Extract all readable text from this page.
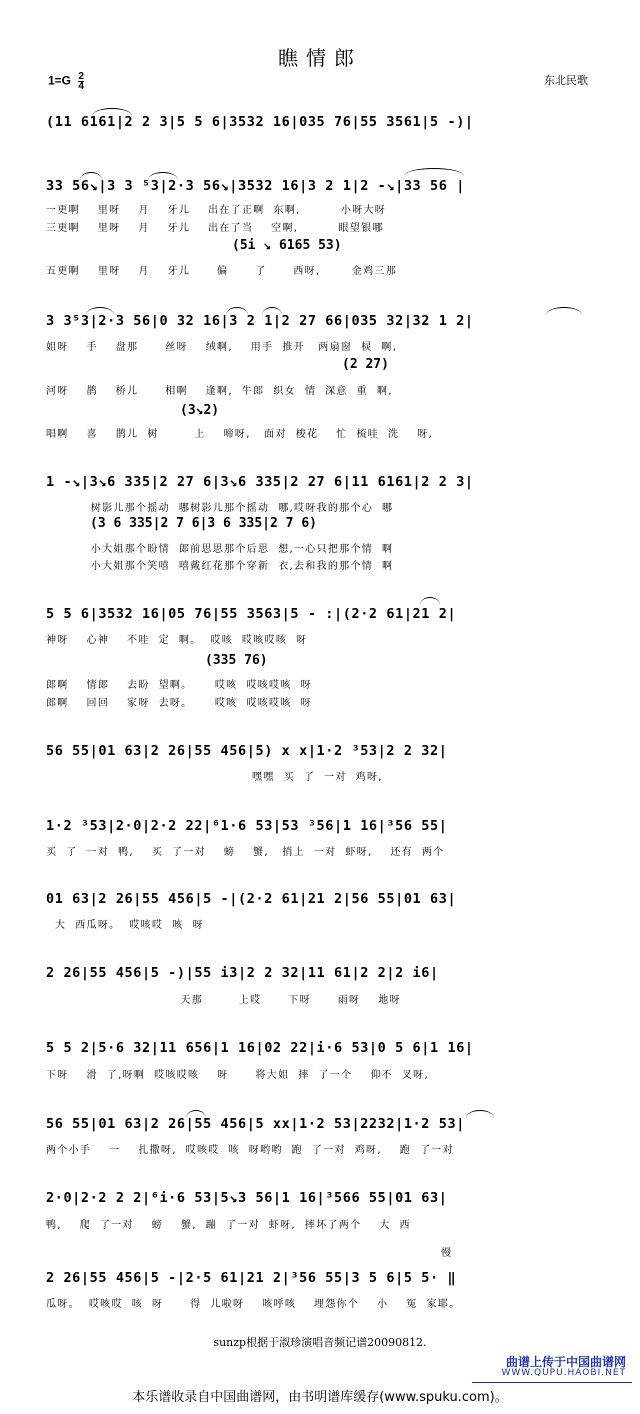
瞧情郎
$1=G \frac{2}{4}$	东北民歌
(11 6161|2 2 3|5 5 6|3532 16|035 76|55 3561|5 -)|
33 56↘|3 3 ⁵3|2·3 56↘|3532 16|3 2 1|2 -↘|33 56 |
一更啊    里呀    月    牙儿    出在了正啊  东啊,         小呀大呀
三更啊    里呀    月    牙儿    出在了当    空啊,         眼望银哪
(5i ↘ 6165 53)
五更啊    里呀    月    牙儿      偏      了      西呀,       金鸡三那
3 3⁵3|2·3 56|0 32 16|3 2 1|2 27 66|035 32|32 1 2|
姐呀    手    盘那      丝呀    绒啊,    用手  推开   两扇窗  棂  啊,
(2 27)
河呀    鹊    桥儿      相啊    逢啊,  牛郎  织女  情  深意  重  啊,
(3↘2)
唱啊    喜    鹊儿  树        上    啼呀,   面对  梭花    忙  梳哇  洗    呀,
1 -↘|3↘6 335|2 27 6|3↘6 335|2 27 6|11 6161|2 2 3|
树影儿那个摇动  哪树影儿那个摇动  哪,哎呀我的那个心  哪
(3 6 335|2 7 6|3 6 335|2 7 6)
小大姐那个盼情  郎前思思那个后思  想,一心只把那个情  啊
小大姐那个笑嘻  嘻戴红花那个穿新  衣,去和我的那个情  啊
5 5 6|3532 16|05 76|55 3563|5 - :|(2·2 61|21 2|
神呀    心神    不哇  定  啊。  哎咳  哎咳哎咳  呀
(335 76)
郎啊    情郎    去盼  望啊。     哎咳  哎咳哎咳  呀
郎啊    回回    家呀  去呀。     哎咳  哎咳哎咳  呀
56 55|01 63|2 26|55 456|5) x x|1·2 ³53|2 2 32|
嘿嘿  买  了  一对  鸡呀,
1·2 ³53|2·0|2·2 22|⁶1·6 53|53 ³56|1 16|³56 55|
买  了  一对  鸭,    买  了一对    螃    蟹,   捎上  一对  虾呀,    还有  两个
01 63|2 26|55 456|5 -|(2·2 61|21 2|56 55|01 63|
大  西瓜呀。  哎咳哎  咳  呀
2 26|55 456|5 -)|55 i3|2 2 32|11 61|2 2|2 i6|
天那        上哎      下呀      雨呀    地呀
5 5 2|5·6 32|11 656|1 16|02 22|i·6 53|0 5 6|1 16|
下呀    滑  了,呀啊  哎咳哎咳    呀      将大姐  摔  了一个    仰不  叉呀,
56 55|01 63|2 26|55 456|5 xx|1·2 53|2232|1·2 53|
两个小手    一    扎撒呀,  哎咳哎  咳  呀哟哟  跑  了一对  鸡呀,    跑  了一对
2·0|2·2 2 2|⁶i·6 53|5↘3 56|1 16|³566 55|01 63|
鸭,    爬  了一对    螃    蟹,  蹦  了一对  虾呀,  摔坏了两个    大  西
慢
2 26|55 456|5 -|2·5 61|21 2|³56 55|3 5 6|5 5· ‖
瓜呀。  哎咳哎  咳  呀      得  儿啦呀    咳呼咳    埋怨你个    小    冤  家耶。
sunzp根据于淑珍演唱音频记谱20090812.
曲谱上传于中国曲谱网
WWW.QUPU.HAOBI.NET
本乐谱收录自中国曲谱网，由书明谱库缓存(www.spuku.com)。
